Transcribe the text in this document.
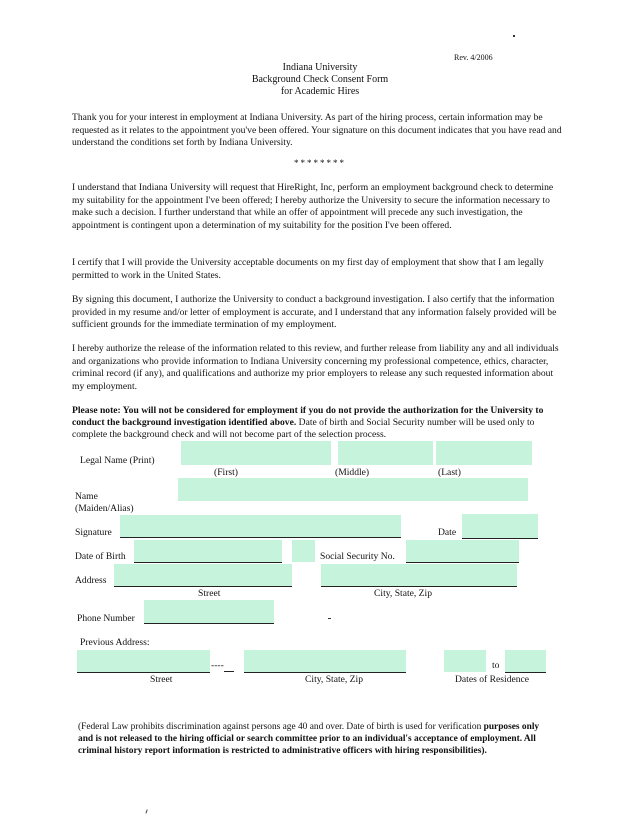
Rev. 4/2006
Indiana University
Background Check Consent Form
for Academic Hires
Thank you for your interest in employment at Indiana University. As part of the hiring process, certain information may be requested as it relates to the appointment you've been offered. Your signature on this document indicates that you have read and understand the conditions set forth by Indiana University.
********
I understand that Indiana University will request that HireRight, Inc, perform an employment background check to determine my suitability for the appointment I've been offered; I hereby authorize the University to secure the information necessary to make such a decision. I further understand that while an offer of appointment will precede any such investigation, the appointment is contingent upon a determination of my suitability for the position I've been offered.
I certify that I will provide the University acceptable documents on my first day of employment that show that I am legally permitted to work in the United States.
By signing this document, I authorize the University to conduct a background investigation. I also certify that the information provided in my resume and/or letter of employment is accurate, and I understand that any information falsely provided will be sufficient grounds for the immediate termination of my employment.
I hereby authorize the release of the information related to this review, and further release from liability any and all individuals and organizations who provide information to Indiana University concerning my professional competence, ethics, character, criminal record (if any), and qualifications and authorize my prior employers to release any such requested information about my employment.
Please note: You will not be considered for employment if you do not provide the authorization for the University to conduct the background investigation identified above. Date of birth and Social Security number will be used only to complete the background check and will not become part of the selection process.
Legal Name (Print)
(First)	(Middle)	(Last)
Name
(Maiden/Alias)
Signature	Date
Date of Birth	Social Security No.
Address
Street	City, State, Zip
Phone Number
Previous Address:
----	to
Street	City, State, Zip	Dates of Residence
(Federal Law prohibits discrimination against persons age 40 and over. Date of birth is used for verification purposes only and is not released to the hiring official or search committee prior to an individual's acceptance of employment. All criminal history report information is restricted to administrative officers with hiring responsibilities).
